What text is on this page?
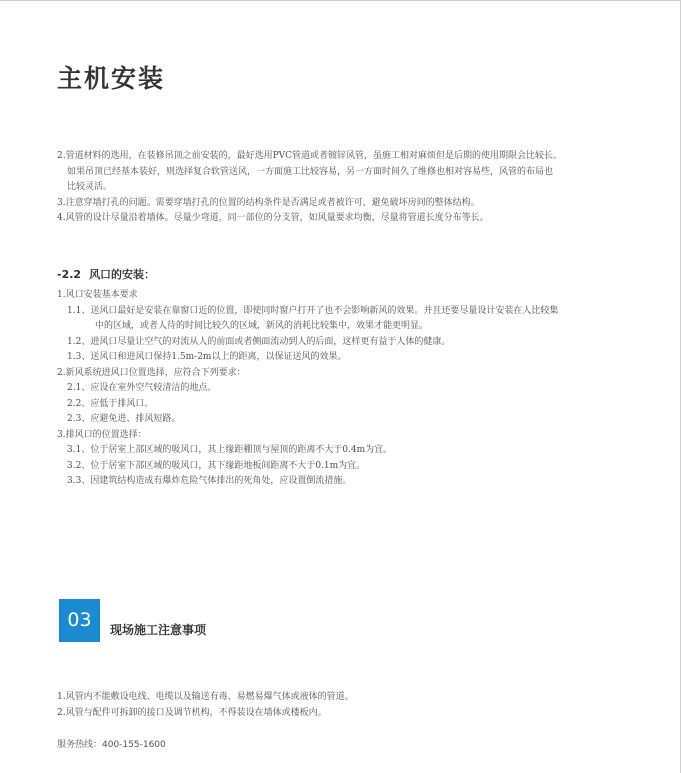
主机安装
2.管道材料的选用，在装修吊顶之前安装的，最好选用PVC管道或者镀锌风管，虽施工相对麻烦但是后期的使用期限会比较长。
如果吊顶已经基本装好，则选择复合软管送风，一方面施工比较容易，另一方面时间久了维修也相对容易些，风管的布局也
比较灵活。
3.注意穿墙打孔的问题。需要穿墙打孔的位置的结构条件是否满足或者被许可，避免破坏房间的整体结构。
4.风管的设计尽量沿着墙体。尽量少弯道，同一部位的分支管，如风量要求均衡，尽量将管道长度分布等长。
-2.2 风口的安装：
1.风口安装基本要求
1.1、送风口最好是安装在靠窗口近的位置，即使同时窗户打开了也不会影响新风的效果。并且还要尽量设计安装在人比较集
中的区域，或者人待的时间比较久的区域，新风的消耗比较集中，效果才能更明显。
1.2、进风口尽量让空气的对流从人的前面或者侧面流动到人的后面，这样更有益于人体的健康。
1.3、送风口和进风口保持1.5m-2m以上的距离，以保证送风的效果。
2.新风系统进风口位置选择，应符合下列要求：
2.1、应设在室外空气较清洁的地点。
2.2、应低于排风口。
2.3、应避免进、排风短路。
3.排风口的位置选择：
3.1、位于居室上部区域的吸风口，其上缘距棚顶与屋顶的距离不大于0.4m为宜。
3.2、位于居室下部区域的吸风口，其下缘距地板间距离不大于0.1m为宜。
3.3、因建筑结构造成有爆炸危险气体排出的死角处，应设置倒流措施。
03	现场施工注意事项
1.风管内不能敷设电线、电缆以及输送有毒、易燃易爆气体或液体的管道。
2.风管与配件可拆卸的接口及调节机构，不得装设在墙体或楼板内。
服务热线：400-155-1600
